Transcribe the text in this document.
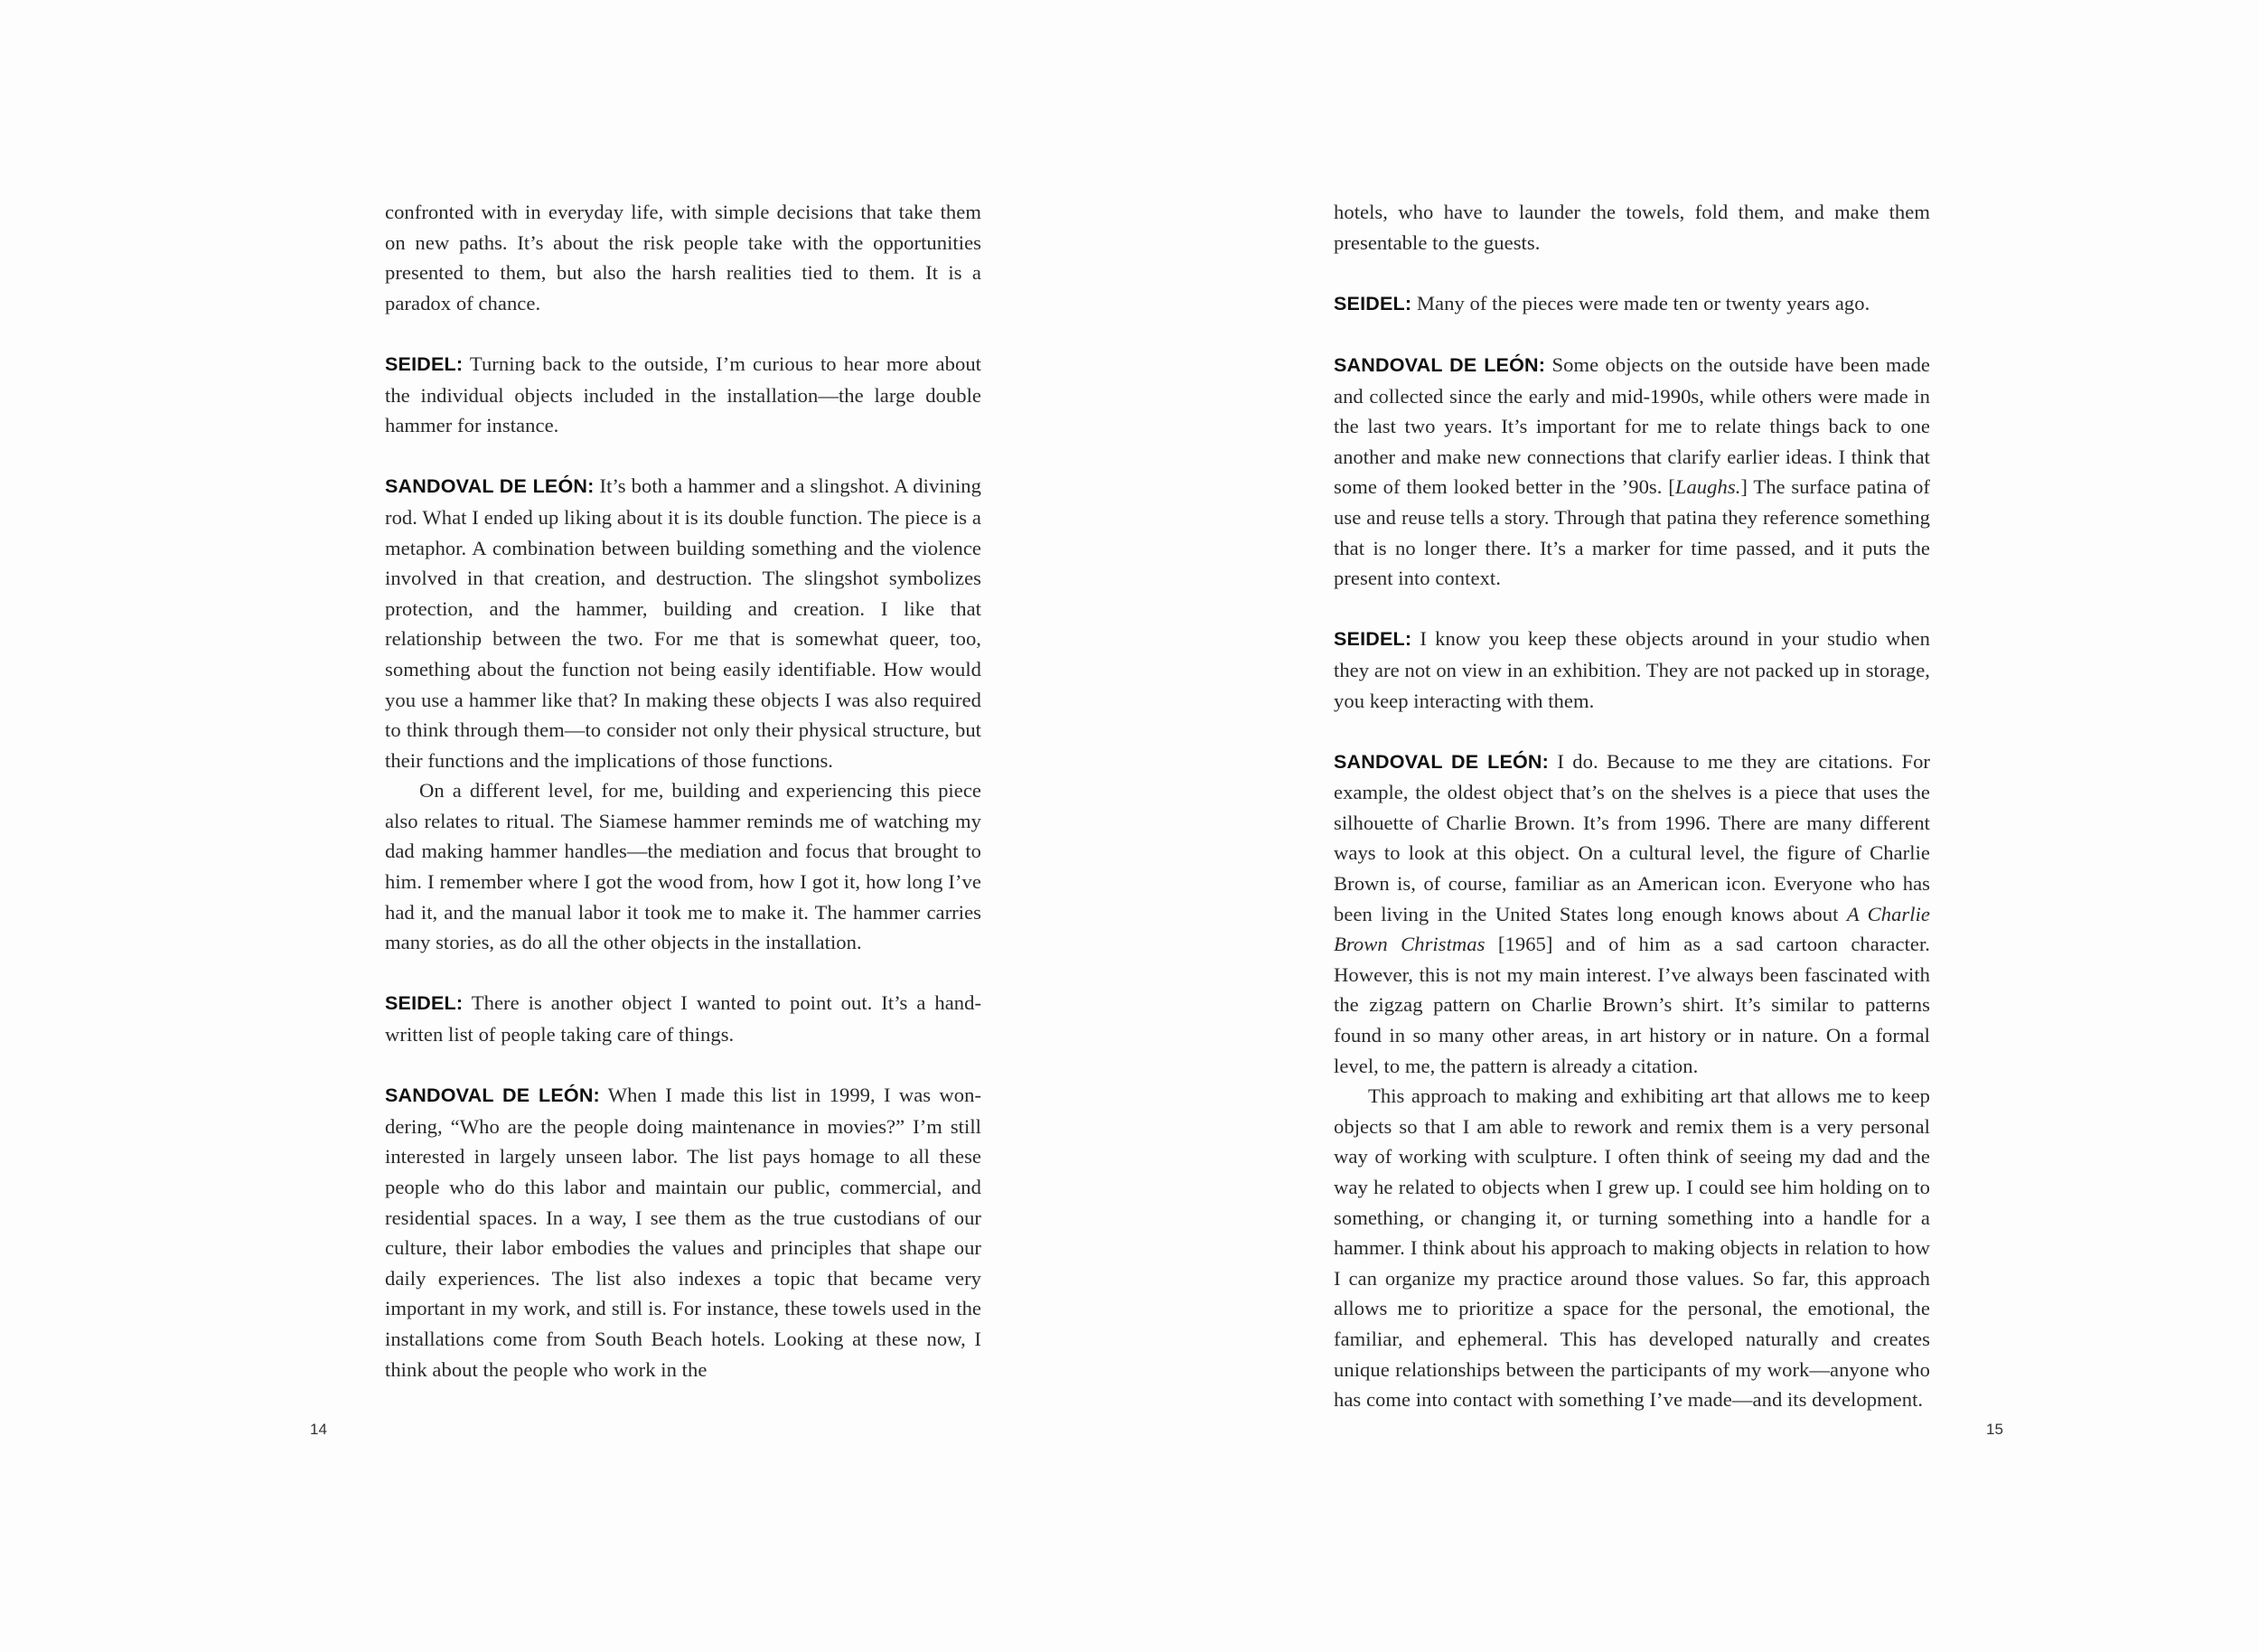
confronted with in everyday life, with simple decisions that take them on new paths. It’s about the risk people take with the opportunities presented to them, but also the harsh realities tied to them. It is a paradox of chance.

SEIDEL: Turning back to the outside, I’m curious to hear more about the individual objects included in the installation—the large double hammer for instance.

SANDOVAL DE LEÓN: It’s both a hammer and a slingshot. A divining rod. What I ended up liking about it is its double function. The piece is a metaphor. A combination between building something and the violence involved in that creation, and destruction. The slingshot symbolizes protection, and the hammer, building and creation. I like that relationship between the two. For me that is somewhat queer, too, something about the function not being easily identifiable. How would you use a hammer like that? In making these objects I was also required to think through them—to consider not only their physical structure, but their functions and the implications of those functions.

On a different level, for me, building and experiencing this piece also relates to ritual. The Siamese hammer reminds me of watching my dad making hammer handles—the mediation and focus that brought to him. I remember where I got the wood from, how I got it, how long I’ve had it, and the manual labor it took me to make it. The hammer carries many stories, as do all the other objects in the installation.

SEIDEL: There is another object I wanted to point out. It’s a handwritten list of people taking care of things.

SANDOVAL DE LEÓN: When I made this list in 1999, I was wondering, “Who are the people doing maintenance in movies?” I’m still interested in largely unseen labor. The list pays homage to all these people who do this labor and maintain our public, commercial, and residential spaces. In a way, I see them as the true custodians of our culture, their labor embodies the values and principles that shape our daily experiences. The list also indexes a topic that became very important in my work, and still is. For instance, these towels used in the installations come from South Beach hotels. Looking at these now, I think about the people who work in the

14

hotels, who have to launder the towels, fold them, and make them presentable to the guests.

SEIDEL: Many of the pieces were made ten or twenty years ago.

SANDOVAL DE LEÓN: Some objects on the outside have been made and collected since the early and mid-1990s, while others were made in the last two years. It’s important for me to relate things back to one another and make new connections that clarify earlier ideas. I think that some of them looked better in the ’90s. [Laughs.] The surface patina of use and reuse tells a story. Through that patina they reference something that is no longer there. It’s a marker for time passed, and it puts the present into context.

SEIDEL: I know you keep these objects around in your studio when they are not on view in an exhibition. They are not packed up in storage, you keep interacting with them.

SANDOVAL DE LEÓN: I do. Because to me they are citations. For example, the oldest object that’s on the shelves is a piece that uses the silhouette of Charlie Brown. It’s from 1996. There are many different ways to look at this object. On a cultural level, the figure of Charlie Brown is, of course, familiar as an American icon. Everyone who has been living in the United States long enough knows about A Charlie Brown Christmas [1965] and of him as a sad cartoon character. However, this is not my main interest. I’ve always been fascinated with the zigzag pattern on Charlie Brown’s shirt. It’s similar to patterns found in so many other areas, in art history or in nature. On a formal level, to me, the pattern is already a citation.

This approach to making and exhibiting art that allows me to keep objects so that I am able to rework and remix them is a very personal way of working with sculpture. I often think of seeing my dad and the way he related to objects when I grew up. I could see him holding on to something, or changing it, or turning something into a handle for a hammer. I think about his approach to making objects in relation to how I can organize my practice around those values. So far, this approach allows me to prioritize a space for the personal, the emotional, the familiar, and ephemeral. This has developed naturally and creates unique relationships between the participants of my work—anyone who has come into contact with something I’ve made—and its development.

15
